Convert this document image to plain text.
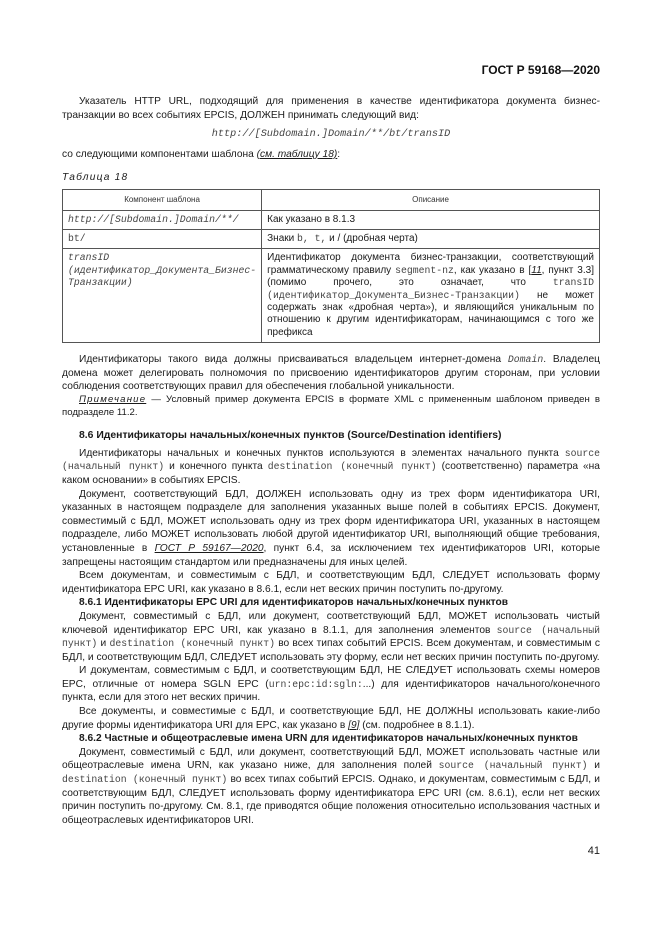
ГОСТ Р 59168—2020

Указатель HTTP URL, подходящий для применения в качестве идентификатора документа бизнес-транзакции во всех событиях EPCIS, ДОЛЖЕН принимать следующий вид:

http://[Subdomain.]Domain/**/bt/transID

со следующими компонентами шаблона (см. таблицу 18):

Таблица 18
Компонент шаблона	Описание
http://[Subdomain.]Domain/**/	Как указано в 8.1.3
bt/	Знаки b, t, и / (дробная черта)
transID (идентификатор_Документа_Бизнес-Транзакции)	Идентификатор документа бизнес-транзакции, соответствующий грамматическому правилу segment-nz, как указано в [11, пункт 3.3] (помимо прочего, это означает, что transID (идентификатор_Документа_Бизнес-Транзакции) не может содержать знак «дробная черта»), и являющийся уникальным по отношению к другим идентификаторам, начинающимся с того же префикса

Идентификаторы такого вида должны присваиваться владельцем интернет-домена Domain. Владелец домена может делегировать полномочия по присвоению идентификаторов другим сторонам, при условии соблюдения соответствующих правил для обеспечения глобальной уникальности.

Примечание — Условный пример документа EPCIS в формате XML с примененным шаблоном приведен в подразделе 11.2.

8.6 Идентификаторы начальных/конечных пунктов (Source/Destination identifiers)

Идентификаторы начальных и конечных пунктов используются в элементах начального пункта source (начальный пункт) и конечного пункта destination (конечный пункт) (соответственно) параметра «на каком основании» в событиях EPCIS.

Документ, соответствующий БДЛ, ДОЛЖЕН использовать одну из трех форм идентификатора URI, указанных в настоящем подразделе для заполнения указанных выше полей в событиях EPCIS. Документ, совместимый с БДЛ, МОЖЕТ использовать одну из трех форм идентификатора URI, указанных в настоящем подразделе, либо МОЖЕТ использовать любой другой идентификатор URI, выполняющий общие требования, установленные в ГОСТ Р 59167—2020, пункт 6.4, за исключением тех идентификаторов URI, которые запрещены настоящим стандартом или предназначены для иных целей.

Всем документам, и совместимым с БДЛ, и соответствующим БДЛ, СЛЕДУЕТ использовать форму идентификатора EPC URI, как указано в 8.6.1, если нет веских причин поступить по-другому.

8.6.1 Идентификаторы EPC URI для идентификаторов начальных/конечных пунктов

Документ, совместимый с БДЛ, или документ, соответствующий БДЛ, МОЖЕТ использовать чистый ключевой идентификатор EPC URI, как указано в 8.1.1, для заполнения элементов source (начальный пункт) и destination (конечный пункт) во всех типах событий EPCIS. Всем документам, и совместимым с БДЛ, и соответствующим БДЛ, СЛЕДУЕТ использовать эту форму, если нет веских причин поступить по-другому.

И документам, совместимым с БДЛ, и соответствующим БДЛ, НЕ СЛЕДУЕТ использовать схемы номеров EPC, отличные от номера SGLN EPC (urn:epc:id:sgln:...) для идентификаторов начального/конечного пункта, если для этого нет веских причин.

Все документы, и совместимые с БДЛ, и соответствующие БДЛ, НЕ ДОЛЖНЫ использовать какие-либо другие формы идентификатора URI для EPC, как указано в [9] (см. подробнее в 8.1.1).

8.6.2 Частные и общеотраслевые имена URN для идентификаторов начальных/конечных пунктов

Документ, совместимый с БДЛ, или документ, соответствующий БДЛ, МОЖЕТ использовать частные или общеотраслевые имена URN, как указано ниже, для заполнения полей source (начальный пункт) и destination (конечный пункт) во всех типах событий EPCIS. Однако, и документам, совместимым с БДЛ, и соответствующим БДЛ, СЛЕДУЕТ использовать форму идентификатора EPC URI (см. 8.6.1), если нет веских причин поступить по-другому. См. 8.1, где приводятся общие положения относительно использования частных и общеотраслевых идентификаторов URI.

41
